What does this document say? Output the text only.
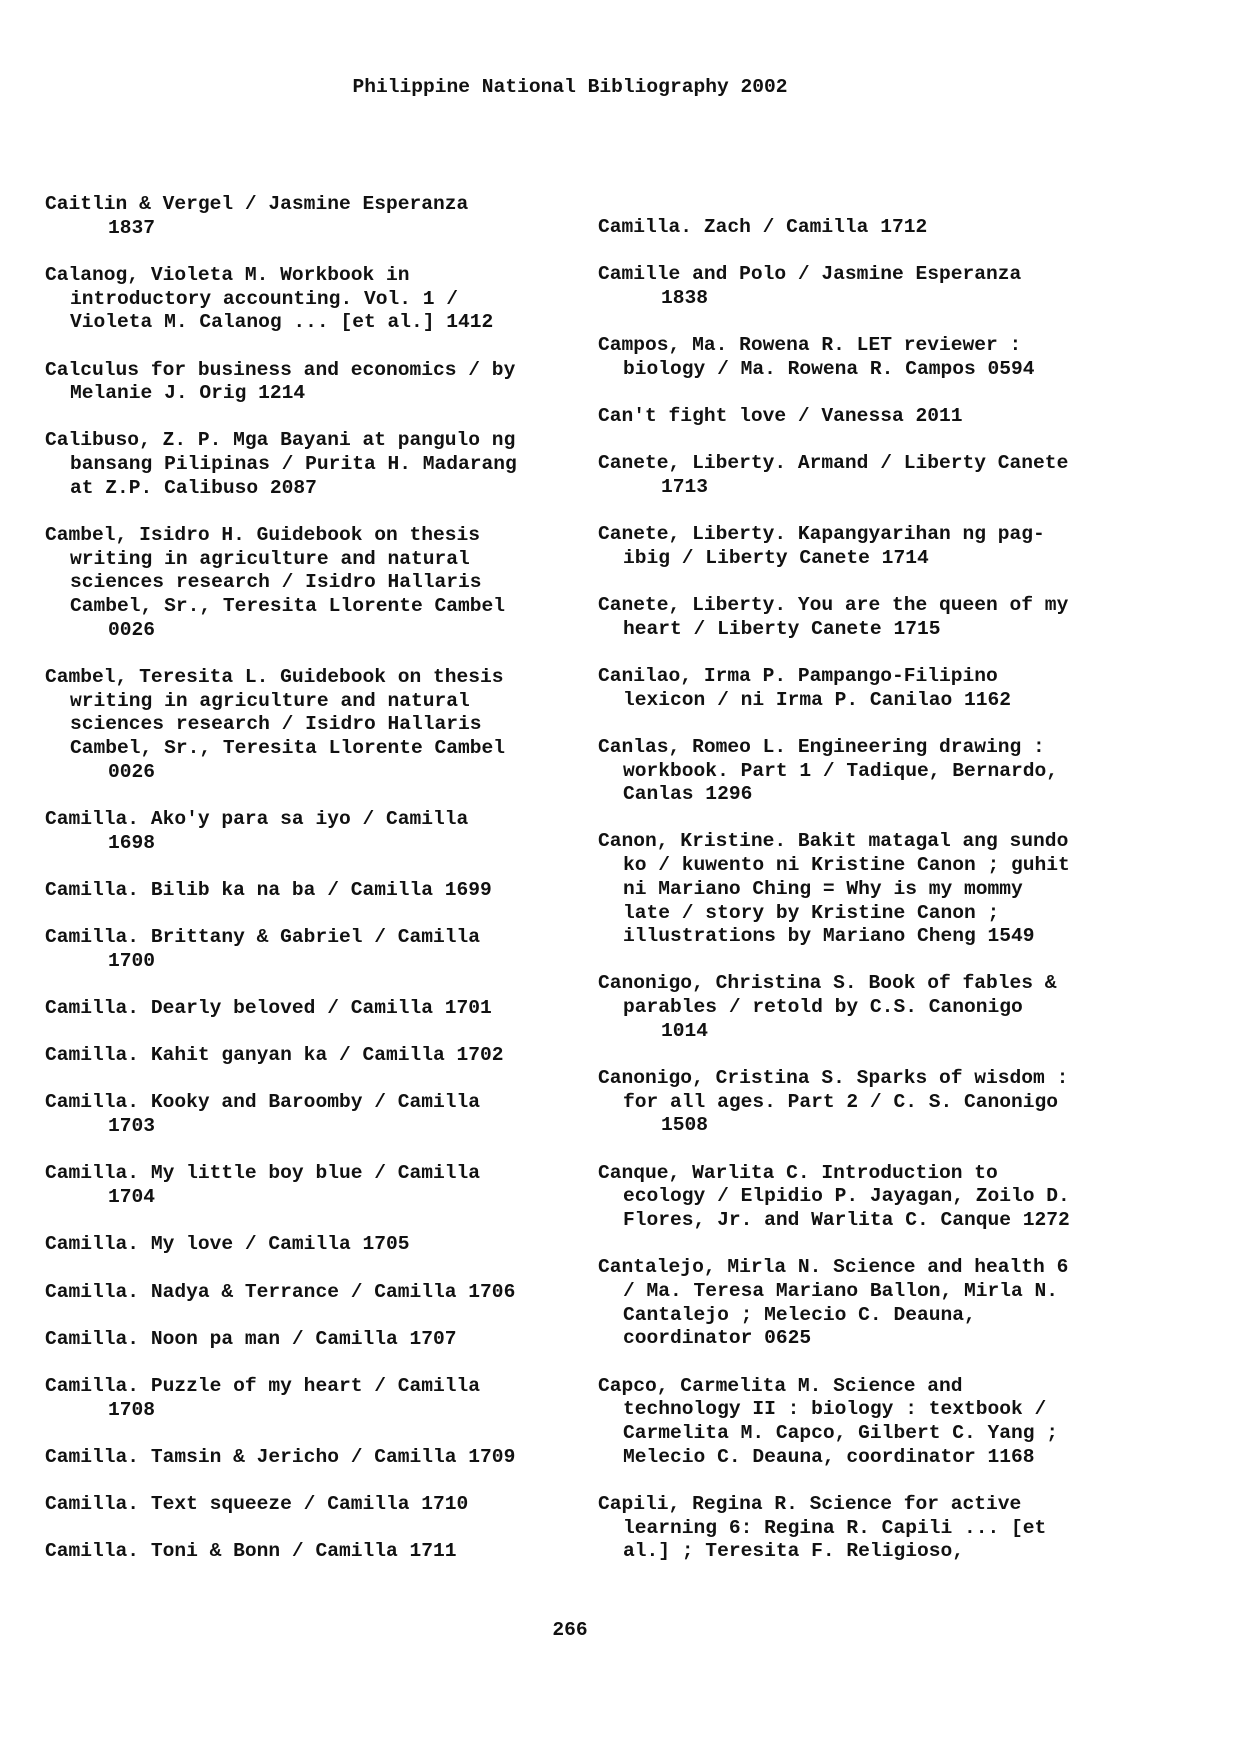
Philippine National Bibliography 2002
Caitlin & Vergel / Jasmine Esperanza
1837
Calanog, Violeta M. Workbook in
introductory accounting. Vol. 1 /
Violeta M. Calanog ... [et al.] 1412
Calculus for business and economics / by
Melanie J. Orig 1214
Calibuso, Z. P. Mga Bayani at pangulo ng
bansang Pilipinas / Purita H. Madarang
at Z.P. Calibuso 2087
Cambel, Isidro H. Guidebook on thesis
writing in agriculture and natural
sciences research / Isidro Hallaris
Cambel, Sr., Teresita Llorente Cambel
0026
Cambel, Teresita L. Guidebook on thesis
writing in agriculture and natural
sciences research / Isidro Hallaris
Cambel, Sr., Teresita Llorente Cambel
0026
Camilla. Ako'y para sa iyo / Camilla
1698
Camilla. Bilib ka na ba / Camilla 1699
Camilla. Brittany & Gabriel / Camilla
1700
Camilla. Dearly beloved / Camilla 1701
Camilla. Kahit ganyan ka / Camilla 1702
Camilla. Kooky and Baroomby / Camilla
1703
Camilla. My little boy blue / Camilla
1704
Camilla. My love / Camilla 1705
Camilla. Nadya & Terrance / Camilla 1706
Camilla. Noon pa man / Camilla 1707
Camilla. Puzzle of my heart / Camilla
1708
Camilla. Tamsin & Jericho / Camilla 1709
Camilla. Text squeeze / Camilla 1710
Camilla. Toni & Bonn / Camilla 1711
Camilla. Zach / Camilla 1712
Camille and Polo / Jasmine Esperanza
1838
Campos, Ma. Rowena R. LET reviewer :
biology / Ma. Rowena R. Campos 0594
Can't fight love / Vanessa 2011
Canete, Liberty. Armand / Liberty Canete
1713
Canete, Liberty. Kapangyarihan ng pag-
ibig / Liberty Canete 1714
Canete, Liberty. You are the queen of my
heart / Liberty Canete 1715
Canilao, Irma P. Pampango-Filipino
lexicon / ni Irma P. Canilao 1162
Canlas, Romeo L. Engineering drawing :
workbook. Part 1 / Tadique, Bernardo,
Canlas 1296
Canon, Kristine. Bakit matagal ang sundo
ko / kuwento ni Kristine Canon ; guhit
ni Mariano Ching = Why is my mommy
late / story by Kristine Canon ;
illustrations by Mariano Cheng 1549
Canonigo, Christina S. Book of fables &
parables / retold by C.S. Canonigo
1014
Canonigo, Cristina S. Sparks of wisdom :
for all ages. Part 2 / C. S. Canonigo
1508
Canque, Warlita C. Introduction to
ecology / Elpidio P. Jayagan, Zoilo D.
Flores, Jr. and Warlita C. Canque 1272
Cantalejo, Mirla N. Science and health 6
/ Ma. Teresa Mariano Ballon, Mirla N.
Cantalejo ; Melecio C. Deauna,
coordinator 0625
Capco, Carmelita M. Science and
technology II : biology : textbook /
Carmelita M. Capco, Gilbert C. Yang ;
Melecio C. Deauna, coordinator 1168
Capili, Regina R. Science for active
learning 6: Regina R. Capili ... [et
al.] ; Teresita F. Religioso,
266
